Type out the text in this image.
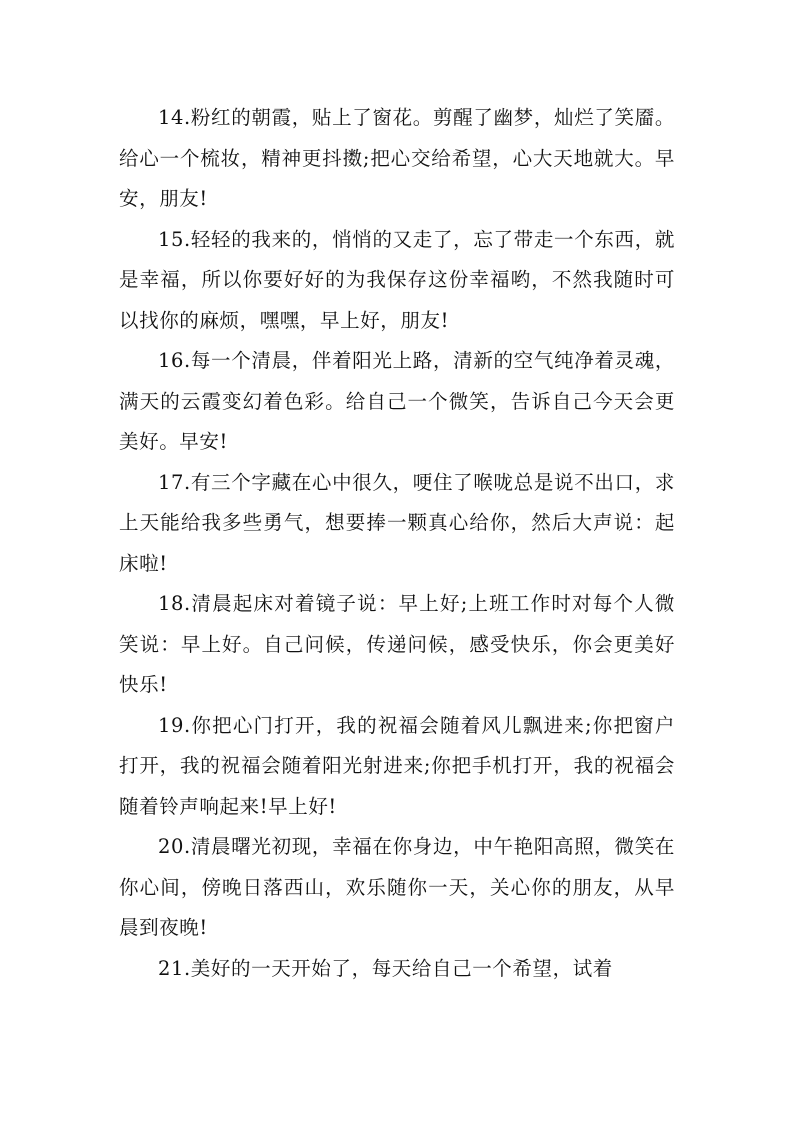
14.粉红的朝霞，贴上了窗花。剪醒了幽梦，灿烂了笑靥。给心一个梳妆，精神更抖擞;把心交给希望，心大天地就大。早安，朋友!

15.轻轻的我来的，悄悄的又走了，忘了带走一个东西，就是幸福，所以你要好好的为我保存这份幸福哟，不然我随时可以找你的麻烦，嘿嘿，早上好，朋友!

16.每一个清晨，伴着阳光上路，清新的空气纯净着灵魂，满天的云霞变幻着色彩。给自己一个微笑，告诉自己今天会更美好。早安!

17.有三个字藏在心中很久，哽住了喉咙总是说不出口，求上天能给我多些勇气，想要捧一颗真心给你，然后大声说：起床啦!

18.清晨起床对着镜子说：早上好;上班工作时对每个人微笑说：早上好。自己问候，传递问候，感受快乐，你会更美好快乐!

19.你把心门打开，我的祝福会随着风儿飘进来;你把窗户打开，我的祝福会随着阳光射进来;你把手机打开，我的祝福会随着铃声响起来!早上好!

20.清晨曙光初现，幸福在你身边，中午艳阳高照，微笑在你心间，傍晚日落西山，欢乐随你一天，关心你的朋友，从早晨到夜晚!

21.美好的一天开始了，每天给自己一个希望，试着
